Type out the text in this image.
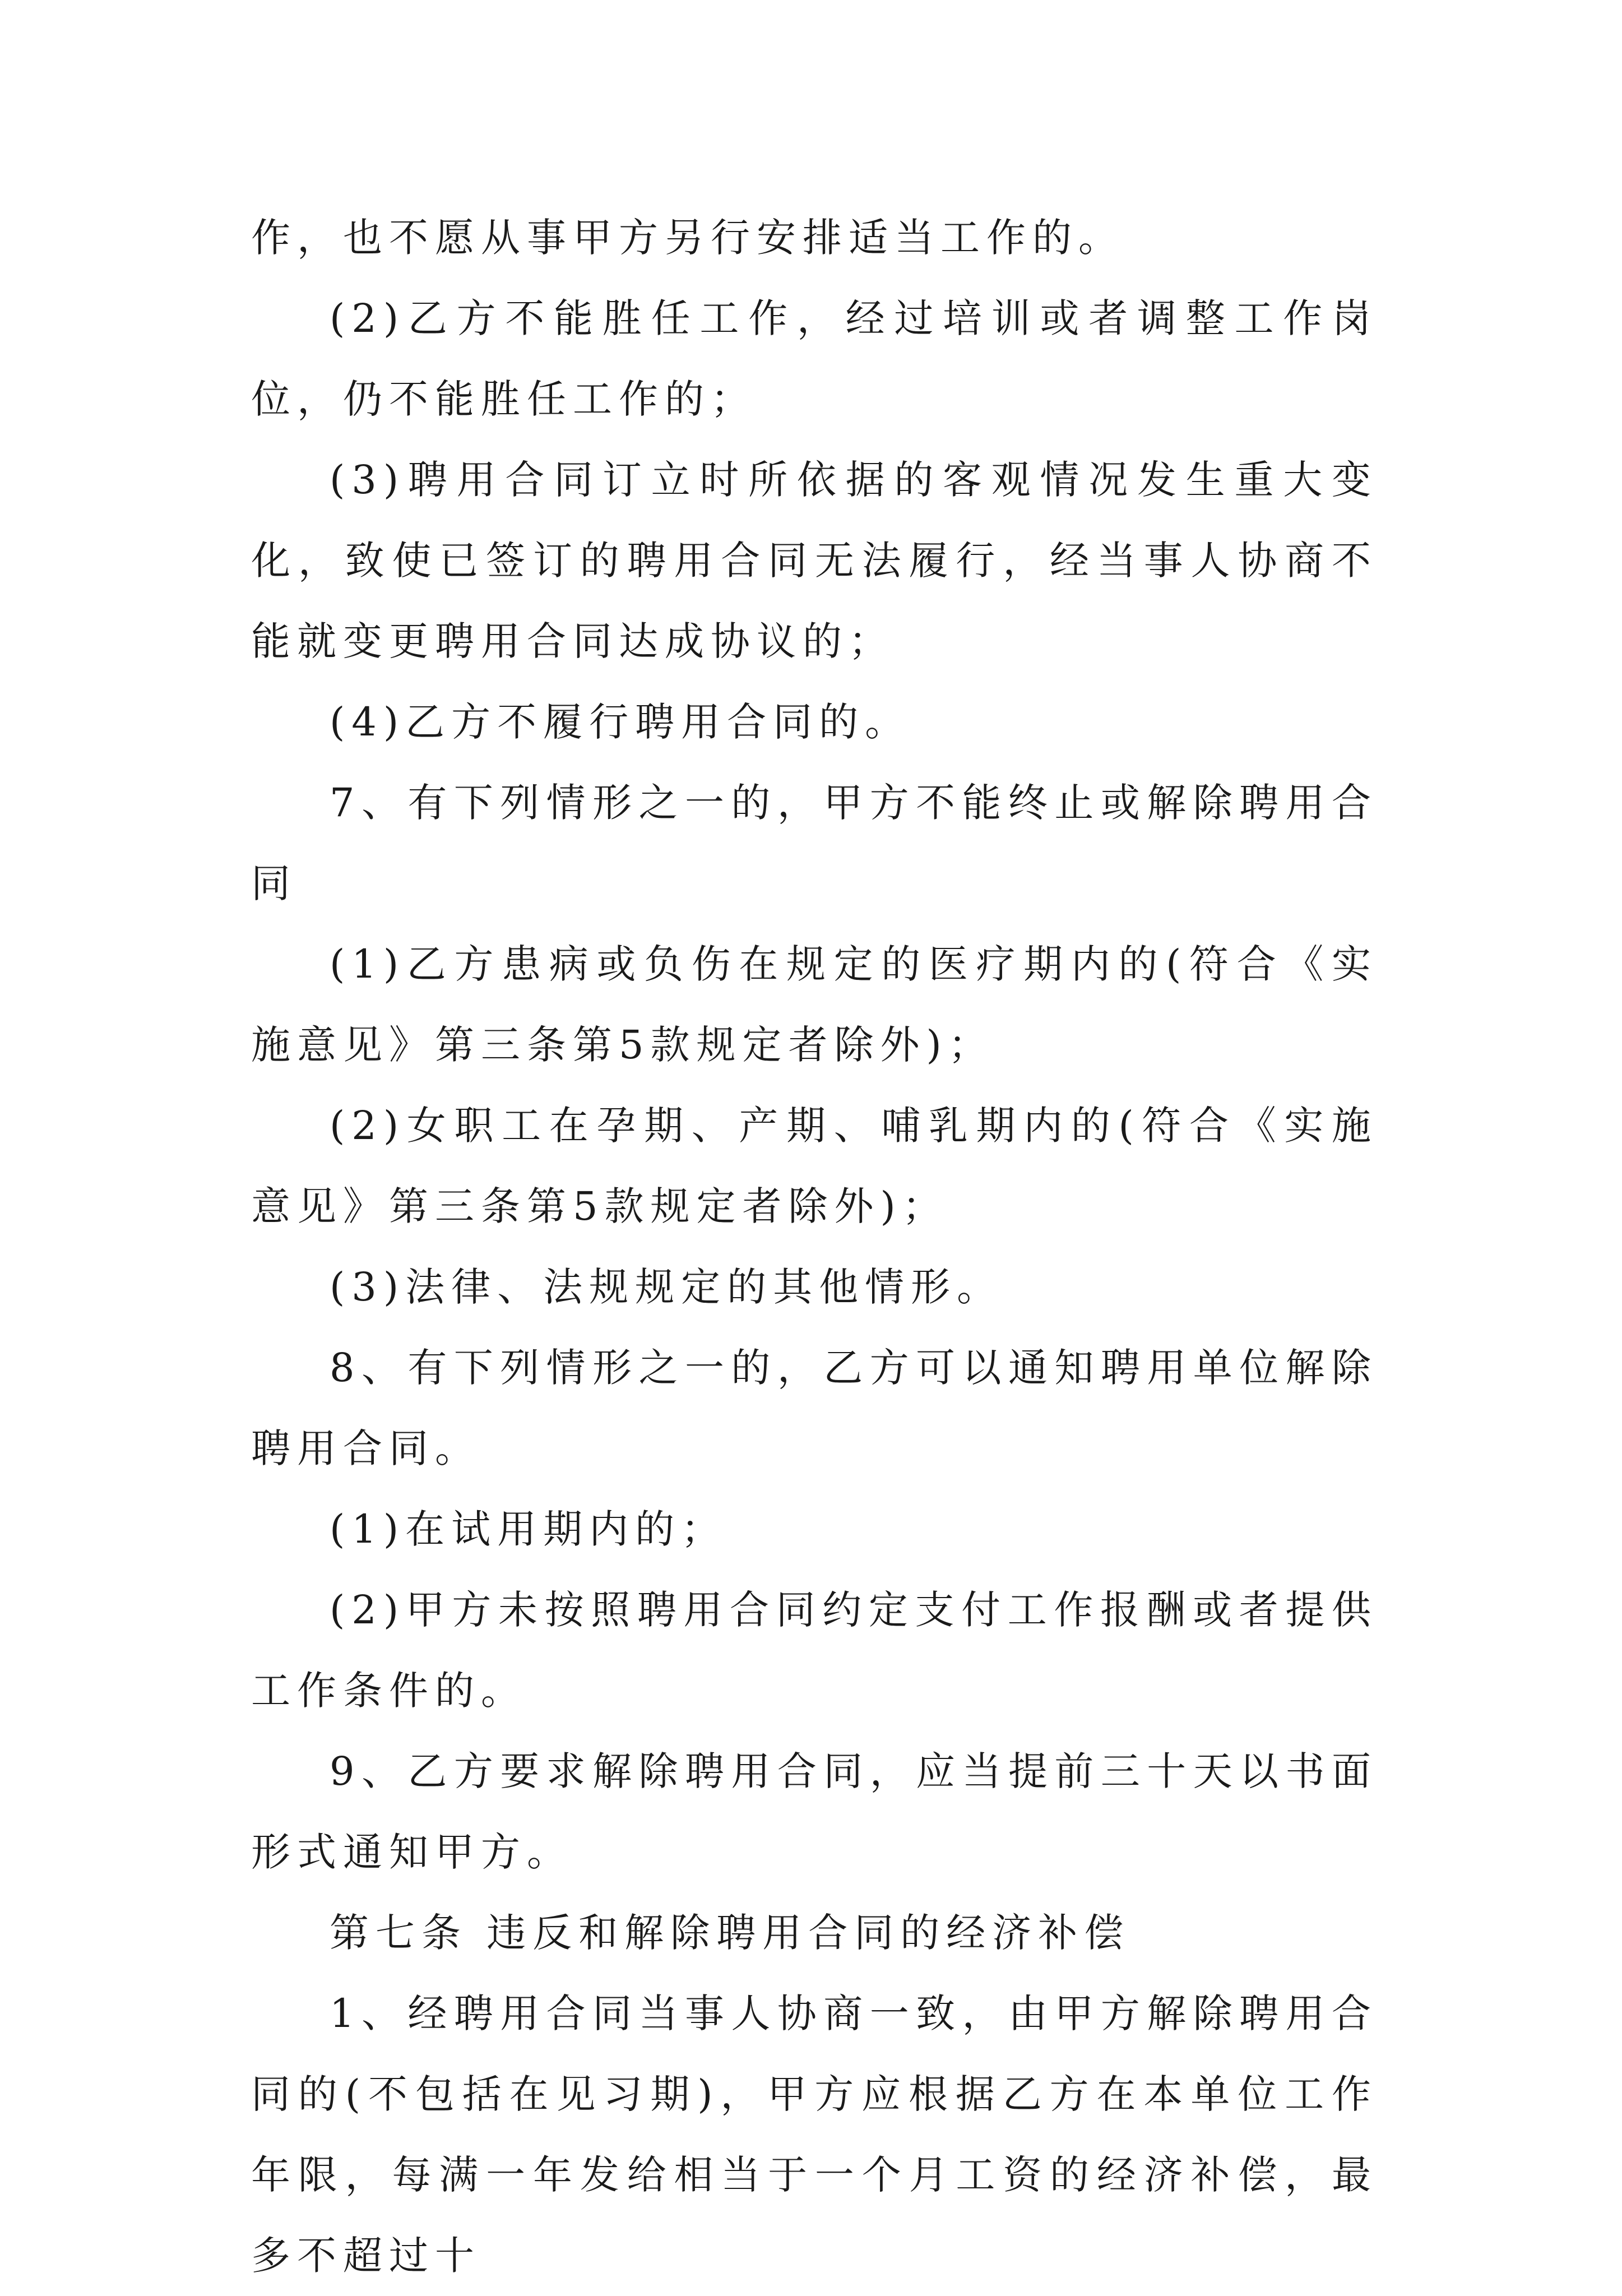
作，也不愿从事甲方另行安排适当工作的。

(2)乙方不能胜任工作，经过培训或者调整工作岗位，仍不能胜任工作的；

(3)聘用合同订立时所依据的客观情况发生重大变化，致使已签订的聘用合同无法履行，经当事人协商不能就变更聘用合同达成协议的；

(4)乙方不履行聘用合同的。

7、有下列情形之一的，甲方不能终止或解除聘用合同

(1)乙方患病或负伤在规定的医疗期内的(符合《实施意见》第三条第5款规定者除外)；

(2)女职工在孕期、产期、哺乳期内的(符合《实施意见》第三条第5款规定者除外)；

(3)法律、法规规定的其他情形。

8、有下列情形之一的，乙方可以通知聘用单位解除聘用合同。

(1)在试用期内的；

(2)甲方未按照聘用合同约定支付工作报酬或者提供工作条件的。

9、乙方要求解除聘用合同，应当提前三十天以书面形式通知甲方。

第七条 违反和解除聘用合同的经济补偿

1、经聘用合同当事人协商一致，由甲方解除聘用合同的(不包括在见习期)，甲方应根据乙方在本单位工作年限，每满一年发给相当于一个月工资的经济补偿，最多不超过十
